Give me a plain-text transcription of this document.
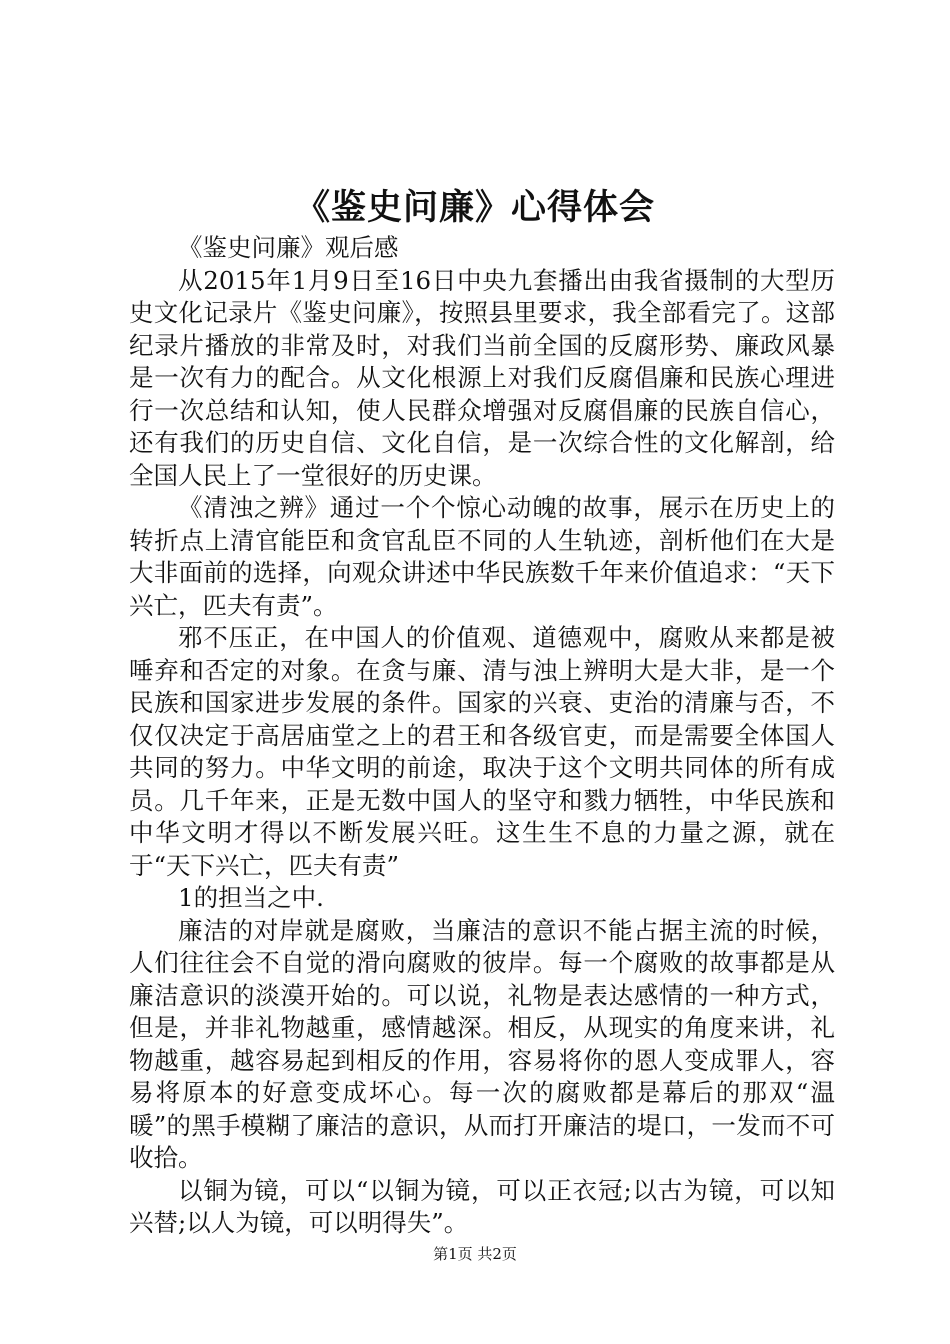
《鉴史问廉》心得体会

《鉴史问廉》观后感

从2015年1月9日至16日中央九套播出由我省摄制的大型历史文化记录片《鉴史问廉》，按照县里要求，我全部看完了。这部纪录片播放的非常及时，对我们当前全国的反腐形势、廉政风暴是一次有力的配合。从文化根源上对我们反腐倡廉和民族心理进行一次总结和认知，使人民群众增强对反腐倡廉的民族自信心，还有我们的历史自信、文化自信，是一次综合性的文化解剖，给全国人民上了一堂很好的历史课。

《清浊之辨》通过一个个惊心动魄的故事，展示在历史上的转折点上清官能臣和贪官乱臣不同的人生轨迹，剖析他们在大是大非面前的选择，向观众讲述中华民族数千年来价值追求：“天下兴亡，匹夫有责”。

邪不压正，在中国人的价值观、道德观中，腐败从来都是被唾弃和否定的对象。在贪与廉、清与浊上辨明大是大非，是一个民族和国家进步发展的条件。国家的兴衰、吏治的清廉与否，不仅仅决定于高居庙堂之上的君王和各级官吏，而是需要全体国人共同的努力。中华文明的前途，取决于这个文明共同体的所有成员。几千年来，正是无数中国人的坚守和戮力牺牲，中华民族和中华文明才得以不断发展兴旺。这生生不息的力量之源，就在于“天下兴亡，匹夫有责”

1的担当之中.

廉洁的对岸就是腐败，当廉洁的意识不能占据主流的时候，人们往往会不自觉的滑向腐败的彼岸。每一个腐败的故事都是从廉洁意识的淡漠开始的。可以说，礼物是表达感情的一种方式，但是，并非礼物越重，感情越深。相反，从现实的角度来讲，礼物越重，越容易起到相反的作用，容易将你的恩人变成罪人，容易将原本的好意变成坏心。每一次的腐败都是幕后的那双“温暖”的黑手模糊了廉洁的意识，从而打开廉洁的堤口，一发而不可收拾。

以铜为镜，可以“以铜为镜，可以正衣冠;以古为镜，可以知兴替;以人为镜，可以明得失”。

第1页 共2页
